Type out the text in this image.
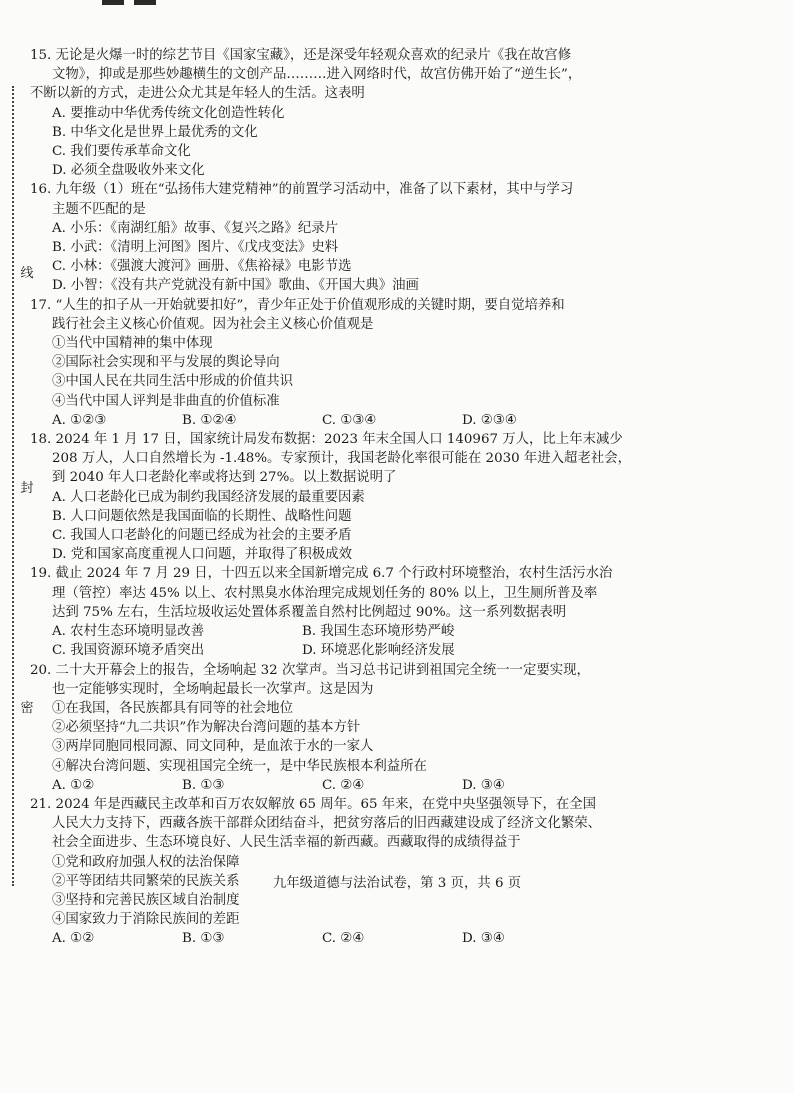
线
封
密

15. 无论是火爆一时的综艺节目《国家宝藏》，还是深受年轻观众喜欢的纪录片《我在故宫修

文物》，抑或是那些妙趣横生的文创产品………进入网络时代，故宫仿佛开始了“逆生长”，

不断以新的方式，走进公众尤其是年轻人的生活。这表明

A. 要推动中华优秀传统文化创造性转化

B. 中华文化是世界上最优秀的文化

C. 我们要传承革命文化

D. 必须全盘吸收外来文化

16. 九年级（1）班在“弘扬伟大建党精神”的前置学习活动中，准备了以下素材，其中与学习

主题不匹配的是

A. 小乐：《南湖红船》故事、《复兴之路》纪录片

B. 小武：《清明上河图》图片、《戊戌变法》史料

C. 小林：《强渡大渡河》画册、《焦裕禄》电影节选

D. 小智：《没有共产党就没有新中国》歌曲、《开国大典》油画

17. “人生的扣子从一开始就要扣好”，青少年正处于价值观形成的关键时期，要自觉培养和

践行社会主义核心价值观。因为社会主义核心价值观是

①当代中国精神的集中体现

②国际社会实现和平与发展的舆论导向

③中国人民在共同生活中形成的价值共识

④当代中国人评判是非曲直的价值标准

A. ①②③	B. ①②④	C. ①③④	D. ②③④

18. 2024 年 1 月 17 日，国家统计局发布数据：2023 年末全国人口 140967 万人，比上年末减少

208 万人，人口自然增长为 -1.48%。专家预计，我国老龄化率很可能在 2030 年进入超老社会，

到 2040 年人口老龄化率或将达到 27%。以上数据说明了

A. 人口老龄化已成为制约我国经济发展的最重要因素

B. 人口问题依然是我国面临的长期性、战略性问题

C. 我国人口老龄化的问题已经成为社会的主要矛盾

D. 党和国家高度重视人口问题，并取得了积极成效

19. 截止 2024 年 7 月 29 日，十四五以来全国新增完成 6.7 个行政村环境整治，农村生活污水治

理（管控）率达 45% 以上、农村黑臭水体治理完成规划任务的 80% 以上，卫生厕所普及率

达到 75% 左右，生活垃圾收运处置体系覆盖自然村比例超过 90%。这一系列数据表明

A. 农村生态环境明显改善	B. 我国生态环境形势严峻
C. 我国资源环境矛盾突出	D. 环境恶化影响经济发展

20. 二十大开幕会上的报告，全场响起 32 次掌声。当习总书记讲到祖国完全统一一定要实现，

也一定能够实现时，全场响起最长一次掌声。这是因为

①在我国，各民族都具有同等的社会地位

②必须坚持“九二共识”作为解决台湾问题的基本方针

③两岸同胞同根同源、同文同种，是血浓于水的一家人

④解决台湾问题、实现祖国完全统一，是中华民族根本利益所在

A. ①②	B. ①③	C. ②④	D. ③④

21. 2024 年是西藏民主改革和百万农奴解放 65 周年。65 年来，在党中央坚强领导下，在全国

人民大力支持下，西藏各族干部群众团结奋斗，把贫穷落后的旧西藏建设成了经济文化繁荣、

社会全面进步、生态环境良好、人民生活幸福的新西藏。西藏取得的成绩得益于

①党和政府加强人权的法治保障

②平等团结共同繁荣的民族关系

③坚持和完善民族区域自治制度

④国家致力于消除民族间的差距

A. ①②	B. ①③	C. ②④	D. ③④
九年级道德与法治试卷，第 3 页，共 6 页
